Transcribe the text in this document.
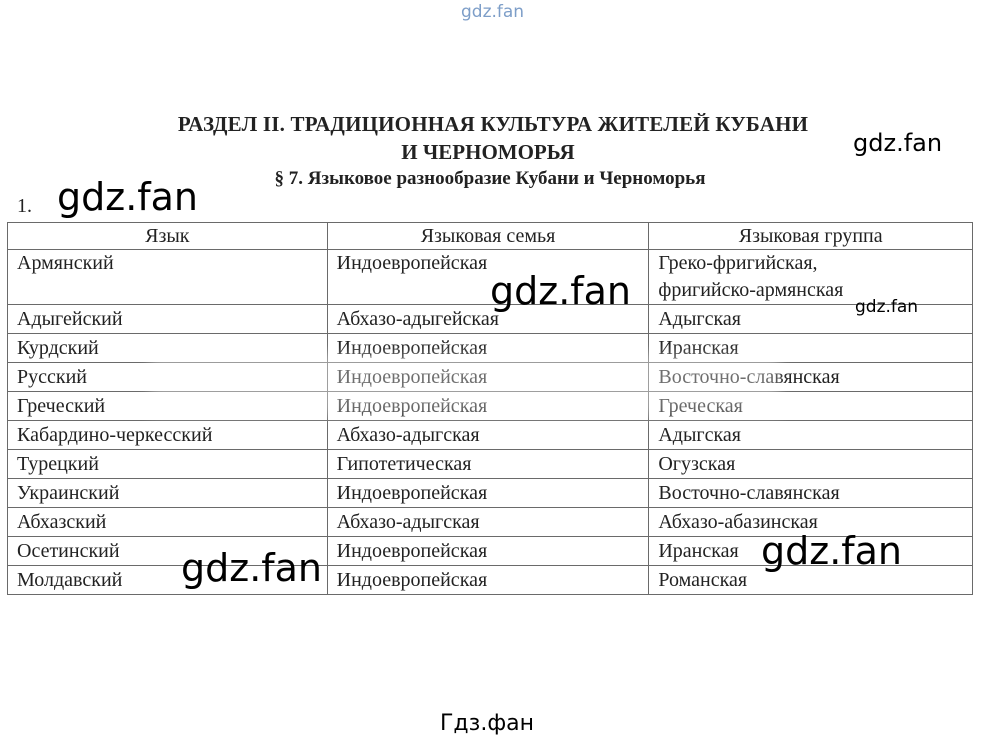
gdz.fan
РАЗДЕЛ II. ТРАДИЦИОННАЯ КУЛЬТУРА ЖИТЕЛЕЙ КУБАНИ
И ЧЕРНОМОРЬЯ
§ 7. Языковое разнообразие Кубани и Черноморья
1.
Язык	Языковая семья	Языковая группа
Армянский	Индоевропейская	Греко-фригийская,
фригийско-армянская
Адыгейский	Абхазо-адыгейская	Адыгская
Курдский	Индоевропейская	Иранская
Русский	Индоевропейская	Восточно-славянская
Греческий	Индоевропейская	Греческая
Кабардино-черкесский	Абхазо-адыгская	Адыгская
Турецкий	Гипотетическая	Огузская
Украинский	Индоевропейская	Восточно-славянская
Абхазский	Абхазо-адыгская	Абхазо-абазинская
Осетинский	Индоевропейская	Иранская
Молдавский	Индоевропейская	Романская
gdz.fan
gdz.fan
gdz.fan	gdz.fan
gdz.fan	gdz.fan
Гдз.фан
